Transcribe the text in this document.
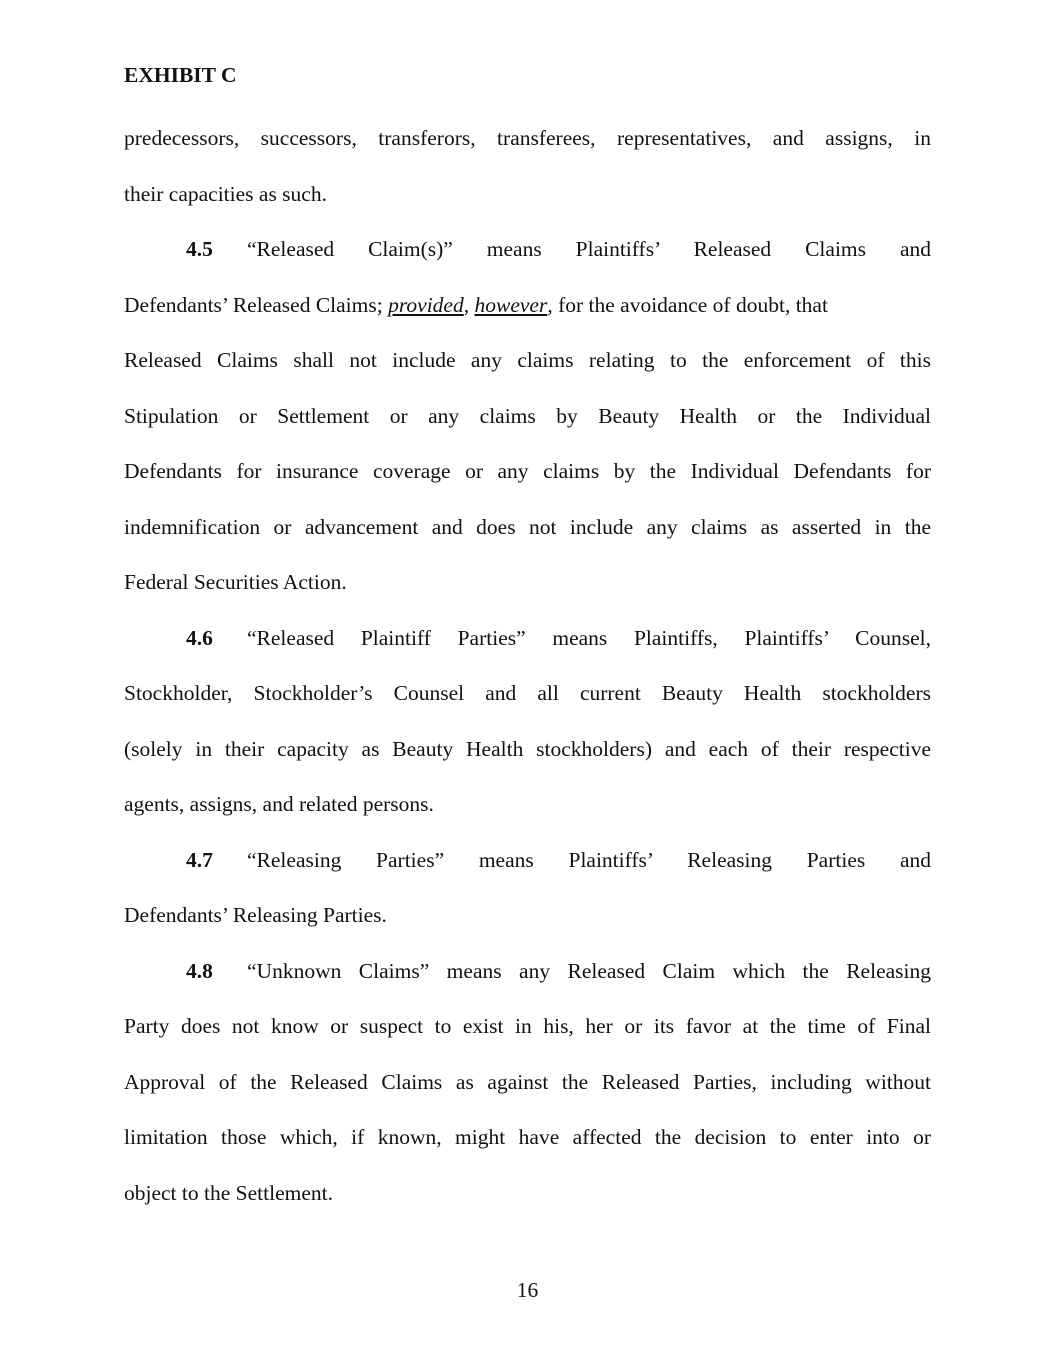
EXHIBIT C
predecessors, successors, transferors, transferees, representatives, and assigns, in
their capacities as such.
4.5	“Released Claim(s)” means Plaintiffs’ Released Claims and
Defendants’ Released Claims; provided, however, for the avoidance of doubt, that
Released Claims shall not include any claims relating to the enforcement of this
Stipulation or Settlement or any claims by Beauty Health or the Individual
Defendants for insurance coverage or any claims by the Individual Defendants for
indemnification or advancement and does not include any claims as asserted in the
Federal Securities Action.
4.6	“Released Plaintiff Parties” means Plaintiffs, Plaintiffs’ Counsel,
Stockholder, Stockholder’s Counsel and all current Beauty Health stockholders
(solely in their capacity as Beauty Health stockholders) and each of their respective
agents, assigns, and related persons.
4.7	“Releasing Parties” means Plaintiffs’ Releasing Parties and
Defendants’ Releasing Parties.
4.8	“Unknown Claims” means any Released Claim which the Releasing
Party does not know or suspect to exist in his, her or its favor at the time of Final
Approval of the Released Claims as against the Released Parties, including without
limitation those which, if known, might have affected the decision to enter into or
object to the Settlement.
16
